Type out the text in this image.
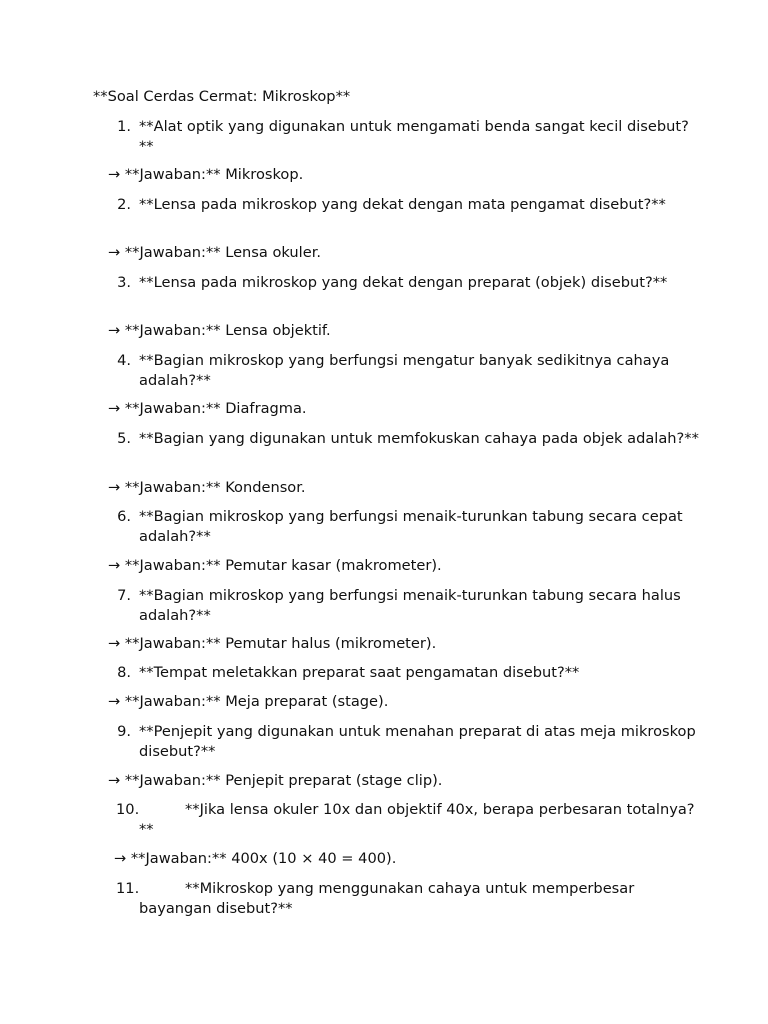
**Soal Cerdas Cermat: Mikroskop**
1. **Alat optik yang digunakan untuk mengamati benda sangat kecil disebut?**
→ **Jawaban:** Mikroskop.
2. **Lensa pada mikroskop yang dekat dengan mata pengamat disebut?**
→ **Jawaban:** Lensa okuler.
3. **Lensa pada mikroskop yang dekat dengan preparat (objek) disebut?**
→ **Jawaban:** Lensa objektif.
4. **Bagian mikroskop yang berfungsi mengatur banyak sedikitnya cahaya adalah?**
→ **Jawaban:** Diafragma.
5. **Bagian yang digunakan untuk memfokuskan cahaya pada objek adalah?**
→ **Jawaban:** Kondensor.
6. **Bagian mikroskop yang berfungsi menaik-turunkan tabung secara cepat adalah?**
→ **Jawaban:** Pemutar kasar (makrometer).
7. **Bagian mikroskop yang berfungsi menaik-turunkan tabung secara halus adalah?**
→ **Jawaban:** Pemutar halus (mikrometer).
8. **Tempat meletakkan preparat saat pengamatan disebut?**
→ **Jawaban:** Meja preparat (stage).
9. **Penjepit yang digunakan untuk menahan preparat di atas meja mikroskop disebut?**
→ **Jawaban:** Penjepit preparat (stage clip).
10.	**Jika lensa okuler 10x dan objektif 40x, berapa perbesaran totalnya?**
→ **Jawaban:** 400x (10 × 40 = 400).
11.	**Mikroskop yang menggunakan cahaya untuk memperbesar bayangan disebut?**
